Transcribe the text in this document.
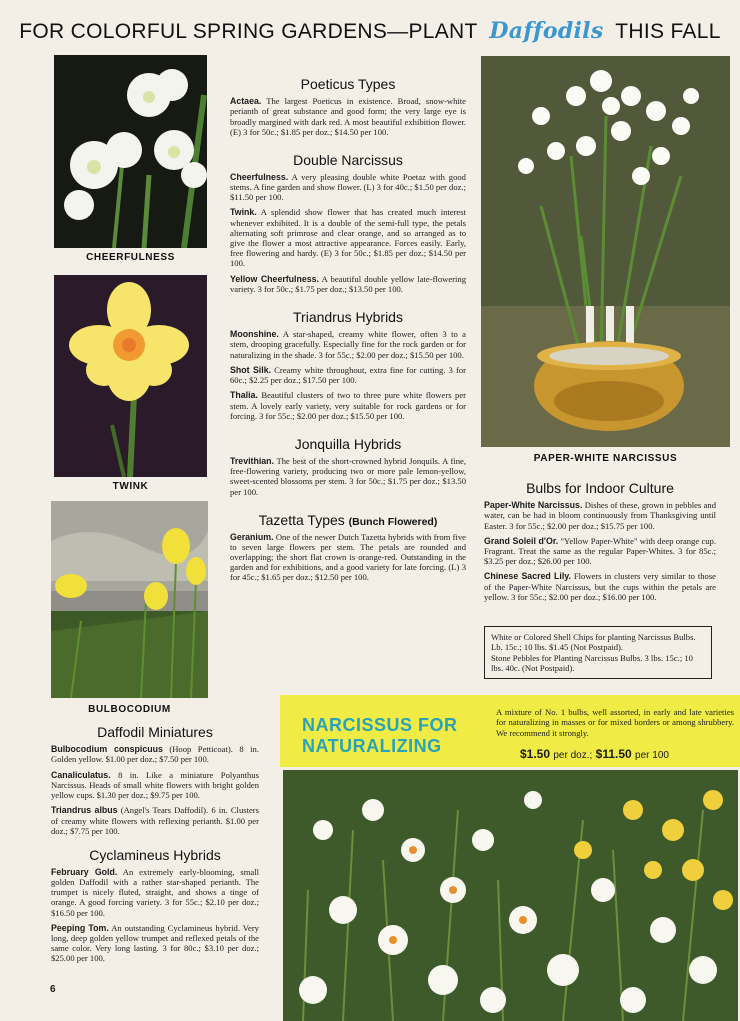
FOR COLORFUL SPRING GARDENS—PLANT Daffodils THIS FALL
CHEERFULNESS
TWINK
BULBOCODIUM
PAPER-WHITE NARCISSUS
Poeticus Types

Actaea. The largest Poeticus in existence. Broad, snow-white perianth of great substance and good form; the very large eye is broadly margined with dark red. A most beautiful exhibition flower. (E) 3 for 50c.; $1.85 per doz.; $14.50 per 100.

Double Narcissus

Cheerfulness. A very pleasing double white Poetaz with good stems. A fine garden and show flower. (L) 3 for 40c.; $1.50 per doz.; $11.50 per 100.

Twink. A splendid show flower that has created much interest whenever exhibited. It is a double of the semi-full type, the petals alternating soft primrose and clear orange, and so arranged as to give the flower a most attractive appearance. Forces easily. Early, free flowering and hardy. (E) 3 for 50c.; $1.85 per doz.; $14.50 per 100.

Yellow Cheerfulness. A beautiful double yellow late-flowering variety. 3 for 50c.; $1.75 per doz.; $13.50 per 100.

Triandrus Hybrids

Moonshine. A star-shaped, creamy white flower, often 3 to a stem, drooping gracefully. Especially fine for the rock garden or for naturalizing in the shade. 3 for 55c.; $2.00 per doz.; $15.50 per 100.

Shot Silk. Creamy white throughout, extra fine for cutting. 3 for 60c.; $2.25 per doz.; $17.50 per 100.

Thalia. Beautiful clusters of two to three pure white flowers per stem. A lovely early variety, very suitable for rock gardens or for forcing. 3 for 55c.; $2.00 per doz.; $15.50 per 100.

Jonquilla Hybrids

Trevithian. The best of the short-crowned hybrid Jonquils. A fine, free-flowering variety, producing two or more pale lemon-yellow, sweet-scented blossoms per stem. 3 for 50c.; $1.75 per doz.; $13.50 per 100.

Tazetta Types (Bunch Flowered)

Geranium. One of the newer Dutch Tazetta hybrids with from five to seven large flowers per stem. The petals are rounded and overlapping; the short flat crown is orange-red. Outstanding in the garden and for exhibitions, and a good variety for late forcing. (L) 3 for 45c.; $1.65 per doz.; $12.50 per 100.

Bulbs for Indoor Culture

Paper-White Narcissus. Dishes of these, grown in pebbles and water, can be had in bloom continuously from Thanksgiving until Easter. 3 for 55c.; $2.00 per doz.; $15.75 per 100.

Grand Soleil d'Or. "Yellow Paper-White" with deep orange cup. Fragrant. Treat the same as the regular Paper-Whites. 3 for 85c.; $3.25 per doz.; $26.00 per 100.

Chinese Sacred Lily. Flowers in clusters very similar to those of the Paper-White Narcissus, but the cups within the petals are yellow. 3 for 55c.; $2.00 per doz.; $16.00 per 100.

White or Colored Shell Chips for planting Narcissus Bulbs. Lb. 15c.; 10 lbs. $1.45 (Not Postpaid).
Stone Pebbles for Planting Narcissus Bulbs. 3 lbs. 15c.; 10 lbs. 40c. (Not Postpaid).
Daffodil Miniatures

Bulbocodium conspicuus (Hoop Petticoat). 8 in. Golden yellow. $1.00 per doz.; $7.50 per 100.

Canaliculatus. 8 in. Like a miniature Polyanthus Narcissus. Heads of small white flowers with bright golden yellow cups. $1.30 per doz.; $9.75 per 100.

Triandrus albus (Angel's Tears Daffodil). 6 in. Clusters of creamy white flowers with reflexing perianth. $1.00 per doz.; $7.75 per 100.

Cyclamineus Hybrids

February Gold. An extremely early-blooming, small golden Daffodil with a rather star-shaped perianth. The trumpet is nicely fluted, straight, and shows a tinge of orange. A good forcing variety. 3 for 55c.; $2.10 per doz.; $16.50 per 100.

Peeping Tom. An outstanding Cyclamineus hybrid. Very long, deep golden yellow trumpet and reflexed petals of the same color. Very long lasting. 3 for 80c.; $3.10 per doz.; $25.00 per 100.

NARCISSUS FOR NATURALIZING
A mixture of No. 1 bulbs, well assorted, in early and late varieties for naturalizing in masses or for mixed borders or among shrubbery. We recommend it strongly.
$1.50 per doz.; $11.50 per 100
6
